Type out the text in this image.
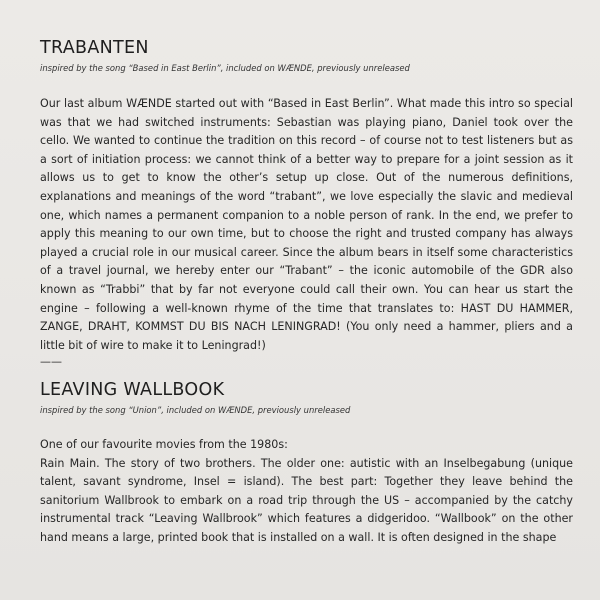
TRABANTEN
inspired by the song “Based in East Berlin”, included on WÆNDE, previously unreleased

Our last album WÆNDE started out with “Based in East Berlin”. What made this intro so special was that we had switched instruments: Sebastian was playing piano, Daniel took over the cello. We wanted to continue the tradition on this record – of course not to test listeners but as a sort of initiation process: we cannot think of a better way to prepare for a joint session as it allows us to get to know the other’s setup up close. Out of the numerous definitions, explanations and meanings of the word “trabant”, we love especially the slavic and medieval one, which names a permanent companion to a noble person of rank. In the end, we prefer to apply this meaning to our own time, but to choose the right and trusted company has always played a crucial role in our musical career. Since the album bears in itself some characteristics of a travel journal, we hereby enter our “Trabant” – the iconic automobile of the GDR also known as “Trabbi” that by far not everyone could call their own. You can hear us start the engine – following a well-known rhyme of the time that translates to: HAST DU HAMMER, ZANGE, DRAHT, KOMMST DU BIS NACH LENINGRAD! (You only need a hammer, pliers and a little bit of wire to make it to Leningrad!)

——
LEAVING WALLBOOK
inspired by the song “Union”, included on WÆNDE, previously unreleased

One of our favourite movies from the 1980s:

Rain Main. The story of two brothers. The older one: autistic with an Inselbegabung (unique talent, savant syndrome, Insel = island). The best part: Together they leave behind the sanitorium Wallbrook to embark on a road trip through the US – accompanied by the catchy instrumental track “Leaving Wallbrook” which features a didgeridoo. “Wallbook” on the other hand means a large, printed book that is installed on a wall. It is often designed in the shape
